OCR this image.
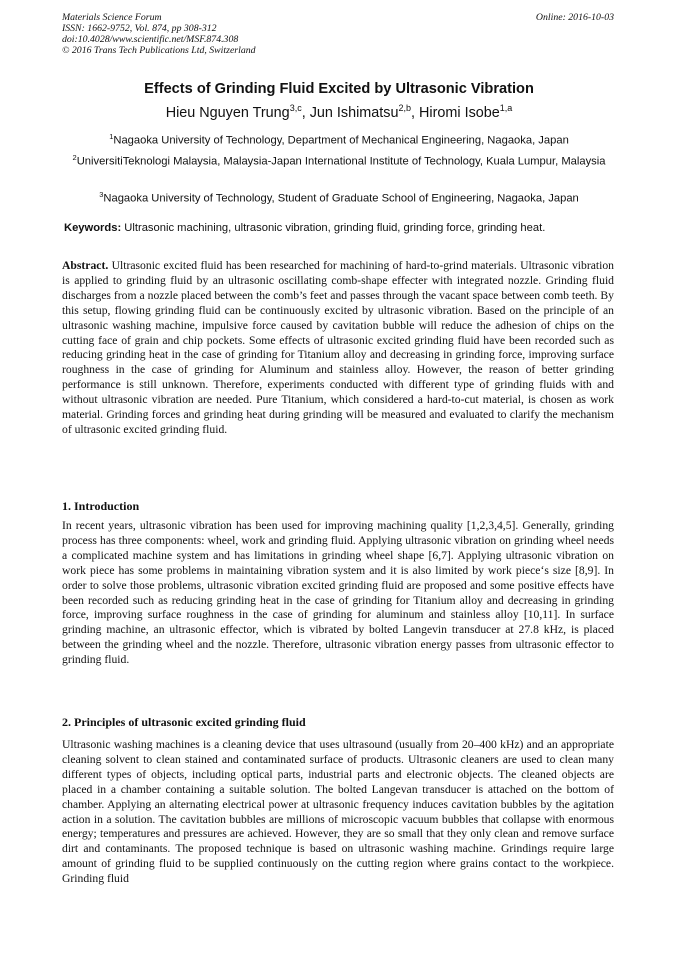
Materials Science Forum
ISSN: 1662-9752, Vol. 874, pp 308-312
doi:10.4028/www.scientific.net/MSF.874.308
© 2016 Trans Tech Publications Ltd, Switzerland
Online: 2016-10-03
Effects of Grinding Fluid Excited by Ultrasonic Vibration
Hieu Nguyen Trung$^{3,c}$, Jun Ishimatsu$^{2,b}$, Hiromi Isobe$^{1,a}$
$^1$Nagaoka University of Technology, Department of Mechanical Engineering, Nagaoka, Japan
$^2$UniversitiTeknologi Malaysia, Malaysia-Japan International Institute of Technology, Kuala Lumpur, Malaysia
$^3$Nagaoka University of Technology, Student of Graduate School of Engineering, Nagaoka, Japan
Keywords: Ultrasonic machining, ultrasonic vibration, grinding fluid, grinding force, grinding heat.
Abstract. Ultrasonic excited fluid has been researched for machining of hard-to-grind materials. Ultrasonic vibration is applied to grinding fluid by an ultrasonic oscillating comb-shape effecter with integrated nozzle. Grinding fluid discharges from a nozzle placed between the comb’s feet and passes through the vacant space between comb teeth. By this setup, flowing grinding fluid can be continuously excited by ultrasonic vibration. Based on the principle of an ultrasonic washing machine, impulsive force caused by cavitation bubble will reduce the adhesion of chips on the cutting face of grain and chip pockets. Some effects of ultrasonic excited grinding fluid have been recorded such as reducing grinding heat in the case of grinding for Titanium alloy and decreasing in grinding force, improving surface roughness in the case of grinding for Aluminum and stainless alloy. However, the reason of better grinding performance is still unknown. Therefore, experiments conducted with different type of grinding fluids with and without ultrasonic vibration are needed. Pure Titanium, which considered a hard-to-cut material, is chosen as work material. Grinding forces and grinding heat during grinding will be measured and evaluated to clarify the mechanism of ultrasonic excited grinding fluid.
1. Introduction
In recent years, ultrasonic vibration has been used for improving machining quality [1,2,3,4,5]. Generally, grinding process has three components: wheel, work and grinding fluid. Applying ultrasonic vibration on grinding wheel needs a complicated machine system and has limitations in grinding wheel shape [6,7]. Applying ultrasonic vibration on work piece has some problems in maintaining vibration system and it is also limited by work piece‘s size [8,9]. In order to solve those problems, ultrasonic vibration excited grinding fluid are proposed and some positive effects have been recorded such as reducing grinding heat in the case of grinding for Titanium alloy and decreasing in grinding force, improving surface roughness in the case of grinding for aluminum and stainless alloy [10,11]. In surface grinding machine, an ultrasonic effector, which is vibrated by bolted Langevin transducer at 27.8 kHz, is placed between the grinding wheel and the nozzle. Therefore, ultrasonic vibration energy passes from ultrasonic effector to grinding fluid.
2. Principles of ultrasonic excited grinding fluid
Ultrasonic washing machines is a cleaning device that uses ultrasound (usually from 20–400 kHz) and an appropriate cleaning solvent to clean stained and contaminated surface of products. Ultrasonic cleaners are used to clean many different types of objects, including optical parts, industrial parts and electronic objects. The cleaned objects are placed in a chamber containing a suitable solution. The bolted Langevan transducer is attached on the bottom of chamber. Applying an alternating electrical power at ultrasonic frequency induces cavitation bubbles by the agitation action in a solution. The cavitation bubbles are millions of microscopic vacuum bubbles that collapse with enormous energy; temperatures and pressures are achieved. However, they are so small that they only clean and remove surface dirt and contaminants. The proposed technique is based on ultrasonic washing machine. Grindings require large amount of grinding fluid to be supplied continuously on the cutting region where grains contact to the workpiece. Grinding fluid
